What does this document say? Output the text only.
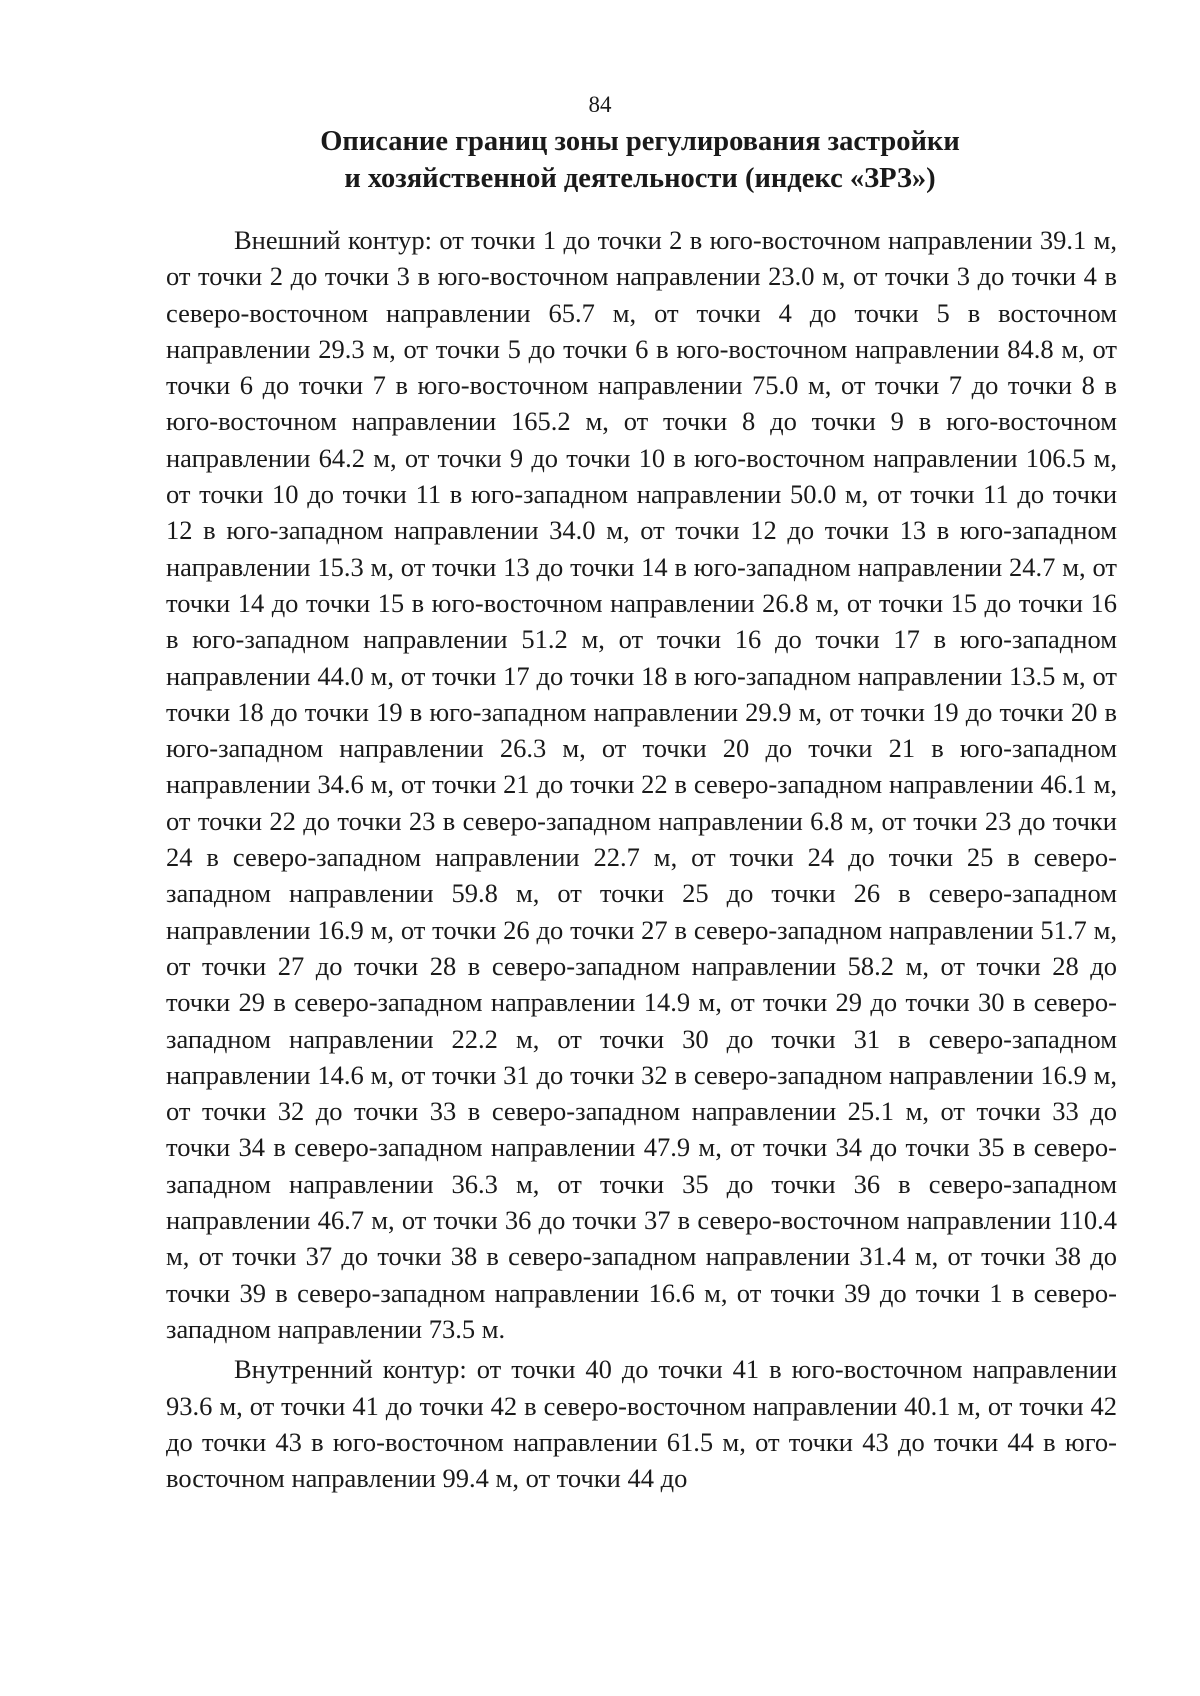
84
Описание границ зоны регулирования застройки
и хозяйственной деятельности (индекс «ЗРЗ»)

Внешний контур: от точки 1 до точки 2 в юго-восточном направлении 39.1 м, от точки 2 до точки 3 в юго-восточном направлении 23.0 м, от точки 3 до точки 4 в северо-восточном направлении 65.7 м, от точки 4 до точки 5 в восточном направлении 29.3 м, от точки 5 до точки 6 в юго-восточном направлении 84.8 м, от точки 6 до точки 7 в юго-восточном направлении 75.0 м, от точки 7 до точки 8 в юго-восточном направлении 165.2 м, от точки 8 до точки 9 в юго-восточном направлении 64.2 м, от точки 9 до точки 10 в юго-восточном направлении 106.5 м, от точки 10 до точки 11 в юго-западном направлении 50.0 м, от точки 11 до точки 12 в юго-западном направлении 34.0 м, от точки 12 до точки 13 в юго-западном направлении 15.3 м, от точки 13 до точки 14 в юго-западном направлении 24.7 м, от точки 14 до точки 15 в юго-восточном направлении 26.8 м, от точки 15 до точки 16 в юго-западном направлении 51.2 м, от точки 16 до точки 17 в юго-западном направлении 44.0 м, от точки 17 до точки 18 в юго-западном направлении 13.5 м, от точки 18 до точки 19 в юго-западном направлении 29.9 м, от точки 19 до точки 20 в юго-западном направлении 26.3 м, от точки 20 до точки 21 в юго-западном направлении 34.6 м, от точки 21 до точки 22 в северо-западном направлении 46.1 м, от точки 22 до точки 23 в северо-западном направлении 6.8 м, от точки 23 до точки 24 в северо-западном направлении 22.7 м, от точки 24 до точки 25 в северо-западном направлении 59.8 м, от точки 25 до точки 26 в северо-западном направлении 16.9 м, от точки 26 до точки 27 в северо-западном направлении 51.7 м, от точки 27 до точки 28 в северо-западном направлении 58.2 м, от точки 28 до точки 29 в северо-западном направлении 14.9 м, от точки 29 до точки 30 в северо-западном направлении 22.2 м, от точки 30 до точки 31 в северо-западном направлении 14.6 м, от точки 31 до точки 32 в северо-западном направлении 16.9 м, от точки 32 до точки 33 в северо-западном направлении 25.1 м, от точки 33 до точки 34 в северо-западном направлении 47.9 м, от точки 34 до точки 35 в северо-западном направлении 36.3 м, от точки 35 до точки 36 в северо-западном направлении 46.7 м, от точки 36 до точки 37 в северо-восточном направлении 110.4 м, от точки 37 до точки 38 в северо-западном направлении 31.4 м, от точки 38 до точки 39 в северо-западном направлении 16.6 м, от точки 39 до точки 1 в северо-западном направлении 73.5 м.

Внутренний контур: от точки 40 до точки 41 в юго-восточном направлении 93.6 м, от точки 41 до точки 42 в северо-восточном направлении 40.1 м, от точки 42 до точки 43 в юго-восточном направлении 61.5 м, от точки 43 до точки 44 в юго-восточном направлении 99.4 м, от точки 44 до
